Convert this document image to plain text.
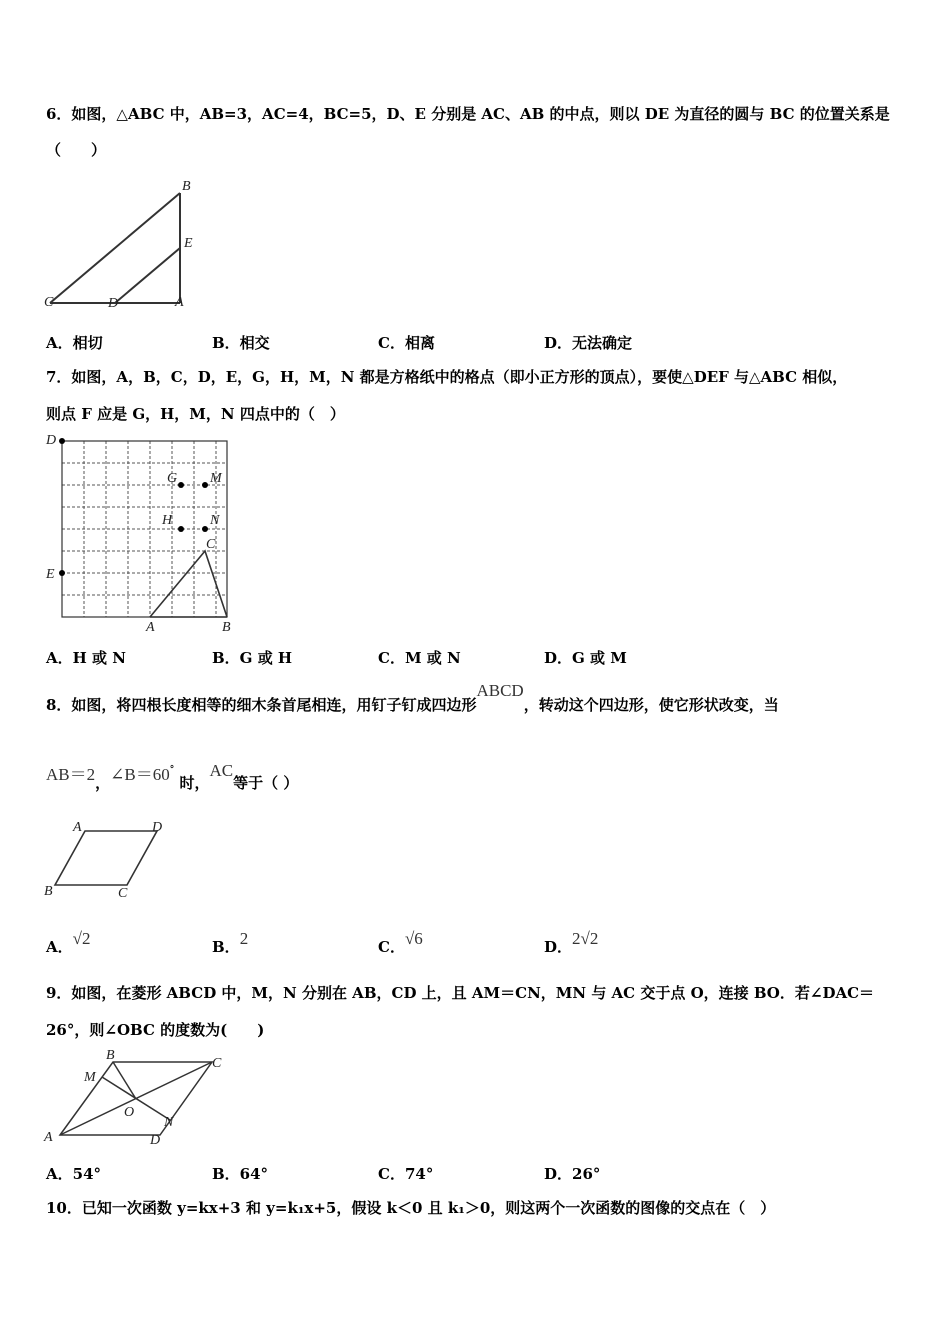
6．如图，△ABC 中，AB=3，AC=4，BC=5，D、E 分别是 AC、AB 的中点，则以 DE 为直径的圆与 BC 的位置关系是
（　　）
B
E
C	D	A
A．相切	B．相交	C．相离	D．无法确定
7．如图，A，B，C，D，E，G，H，M，N 都是方格纸中的格点（即小正方形的顶点），要使△DEF 与△ABC 相似，
则点 F 应是 G，H，M，N 四点中的（　）
D
G M
H	N
C
E
A	B
A．H 或 N	B．G 或 H	C．M 或 N	D．G 或 M
8．如图，将四根长度相等的细木条首尾相连，用钉子钉成四边形ABCD，转动这个四边形，使它形状改变，当
AB＝2，∠B＝60° 时，AC等于（ ）
A	D
B	C
A．√2	B．2	C．√6	D．2√2
9．如图，在菱形 ABCD 中，M，N 分别在 AB，CD 上，且 AM＝CN，MN 与 AC 交于点 O，连接 BO．若∠DAC＝
26°，则∠OBC 的度数为(　　)
B
C
M
O
N
A	D
A．54°	B．64°	C．74°	D．26°
10．已知一次函数 y=kx+3 和 y=k₁x+5，假设 k＜0 且 k₁＞0，则这两个一次函数的图像的交点在（　）
